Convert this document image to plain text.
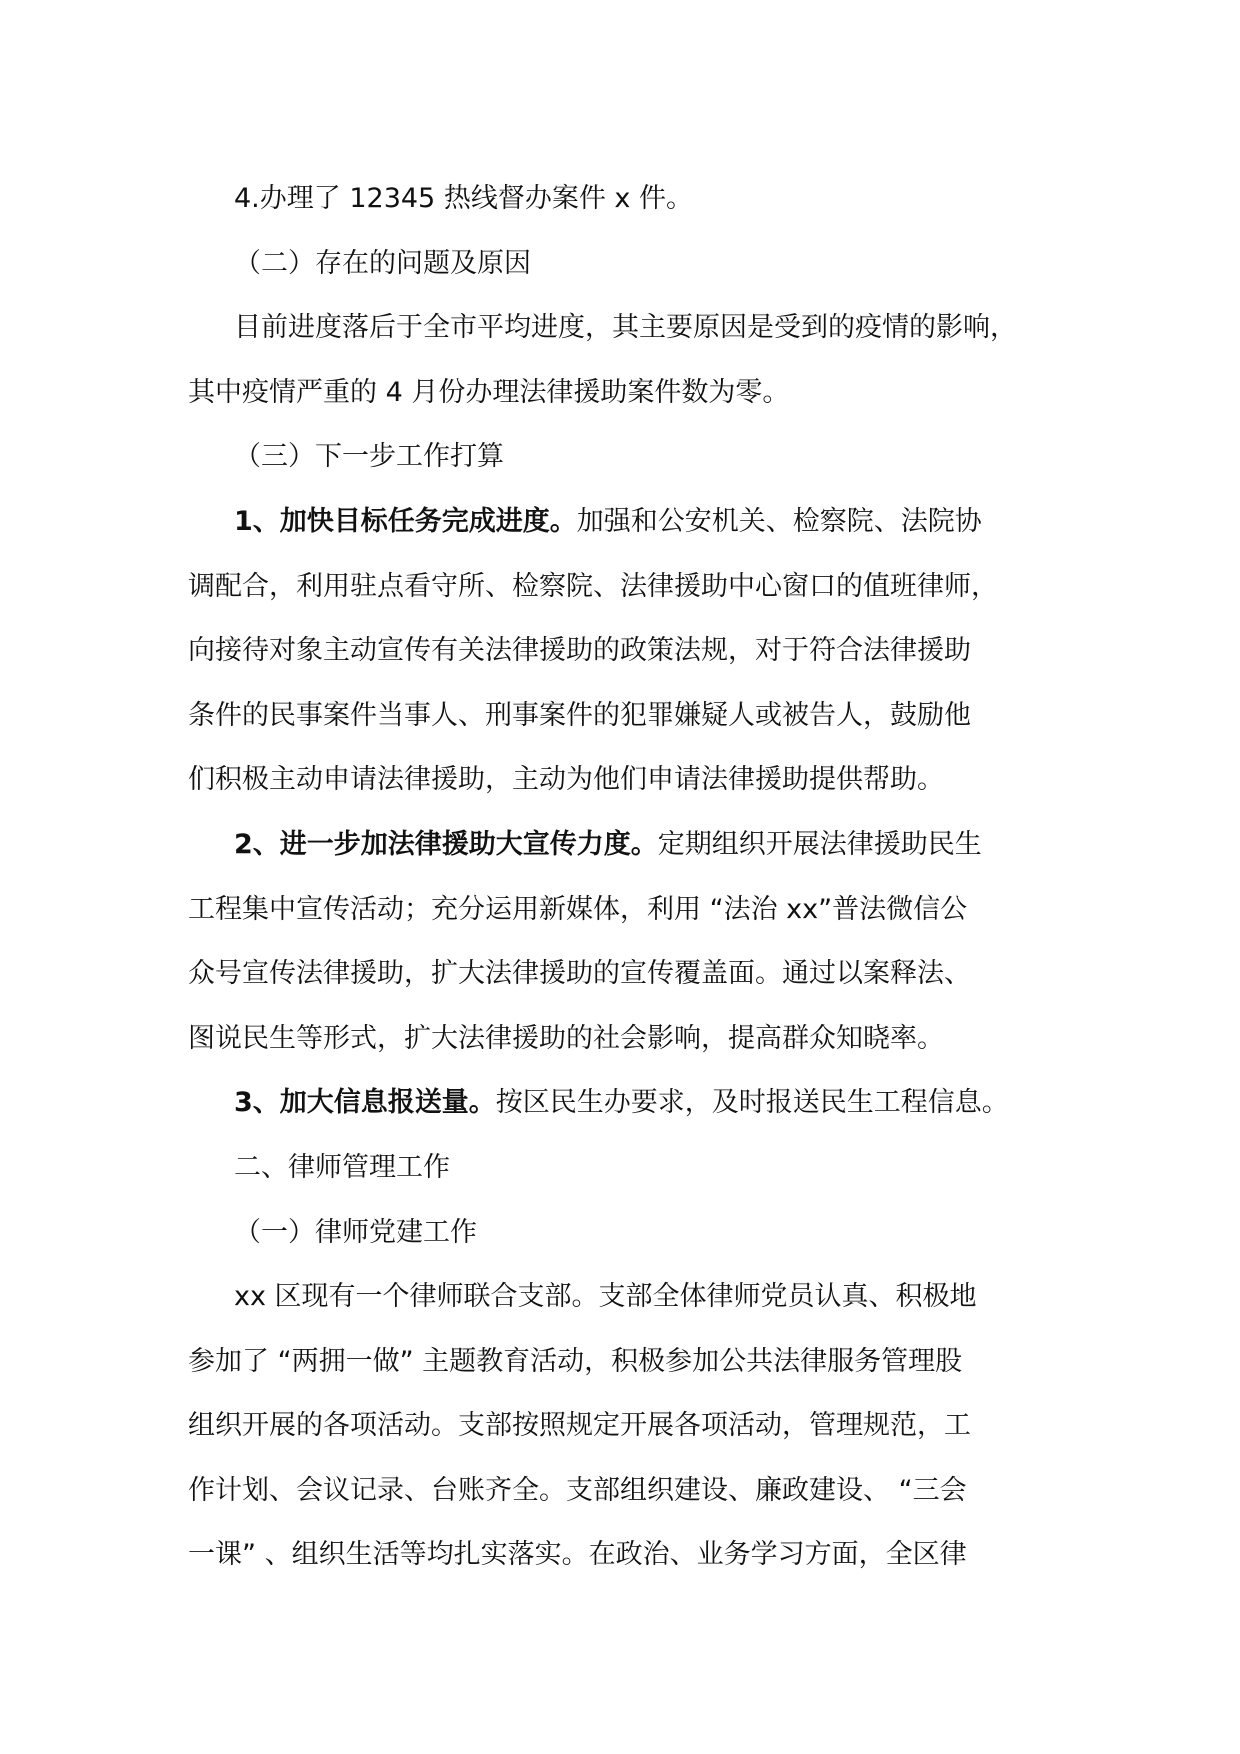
4.办理了 12345 热线督办案件 x 件。
（二）存在的问题及原因
目前进度落后于全市平均进度，其主要原因是受到的疫情的影响，
其中疫情严重的 4 月份办理法律援助案件数为零。
（三）下一步工作打算
1、加快目标任务完成进度。加强和公安机关、检察院、法院协
调配合，利用驻点看守所、检察院、法律援助中心窗口的值班律师，
向接待对象主动宣传有关法律援助的政策法规，对于符合法律援助
条件的民事案件当事人、刑事案件的犯罪嫌疑人或被告人，鼓励他
们积极主动申请法律援助，主动为他们申请法律援助提供帮助。
2、进一步加法律援助大宣传力度。定期组织开展法律援助民生
工程集中宣传活动；充分运用新媒体，利用 “法治 xx”普法微信公
众号宣传法律援助，扩大法律援助的宣传覆盖面。通过以案释法、
图说民生等形式，扩大法律援助的社会影响，提高群众知晓率。
3、加大信息报送量。按区民生办要求，及时报送民生工程信息。
二、律师管理工作
（一）律师党建工作
xx 区现有一个律师联合支部。支部全体律师党员认真、积极地
参加了 “两拥一做” 主题教育活动，积极参加公共法律服务管理股
组织开展的各项活动。支部按照规定开展各项活动，管理规范，工
作计划、会议记录、台账齐全。支部组织建设、廉政建设、 “三会
一课” 、组织生活等均扎实落实。在政治、业务学习方面，全区律
